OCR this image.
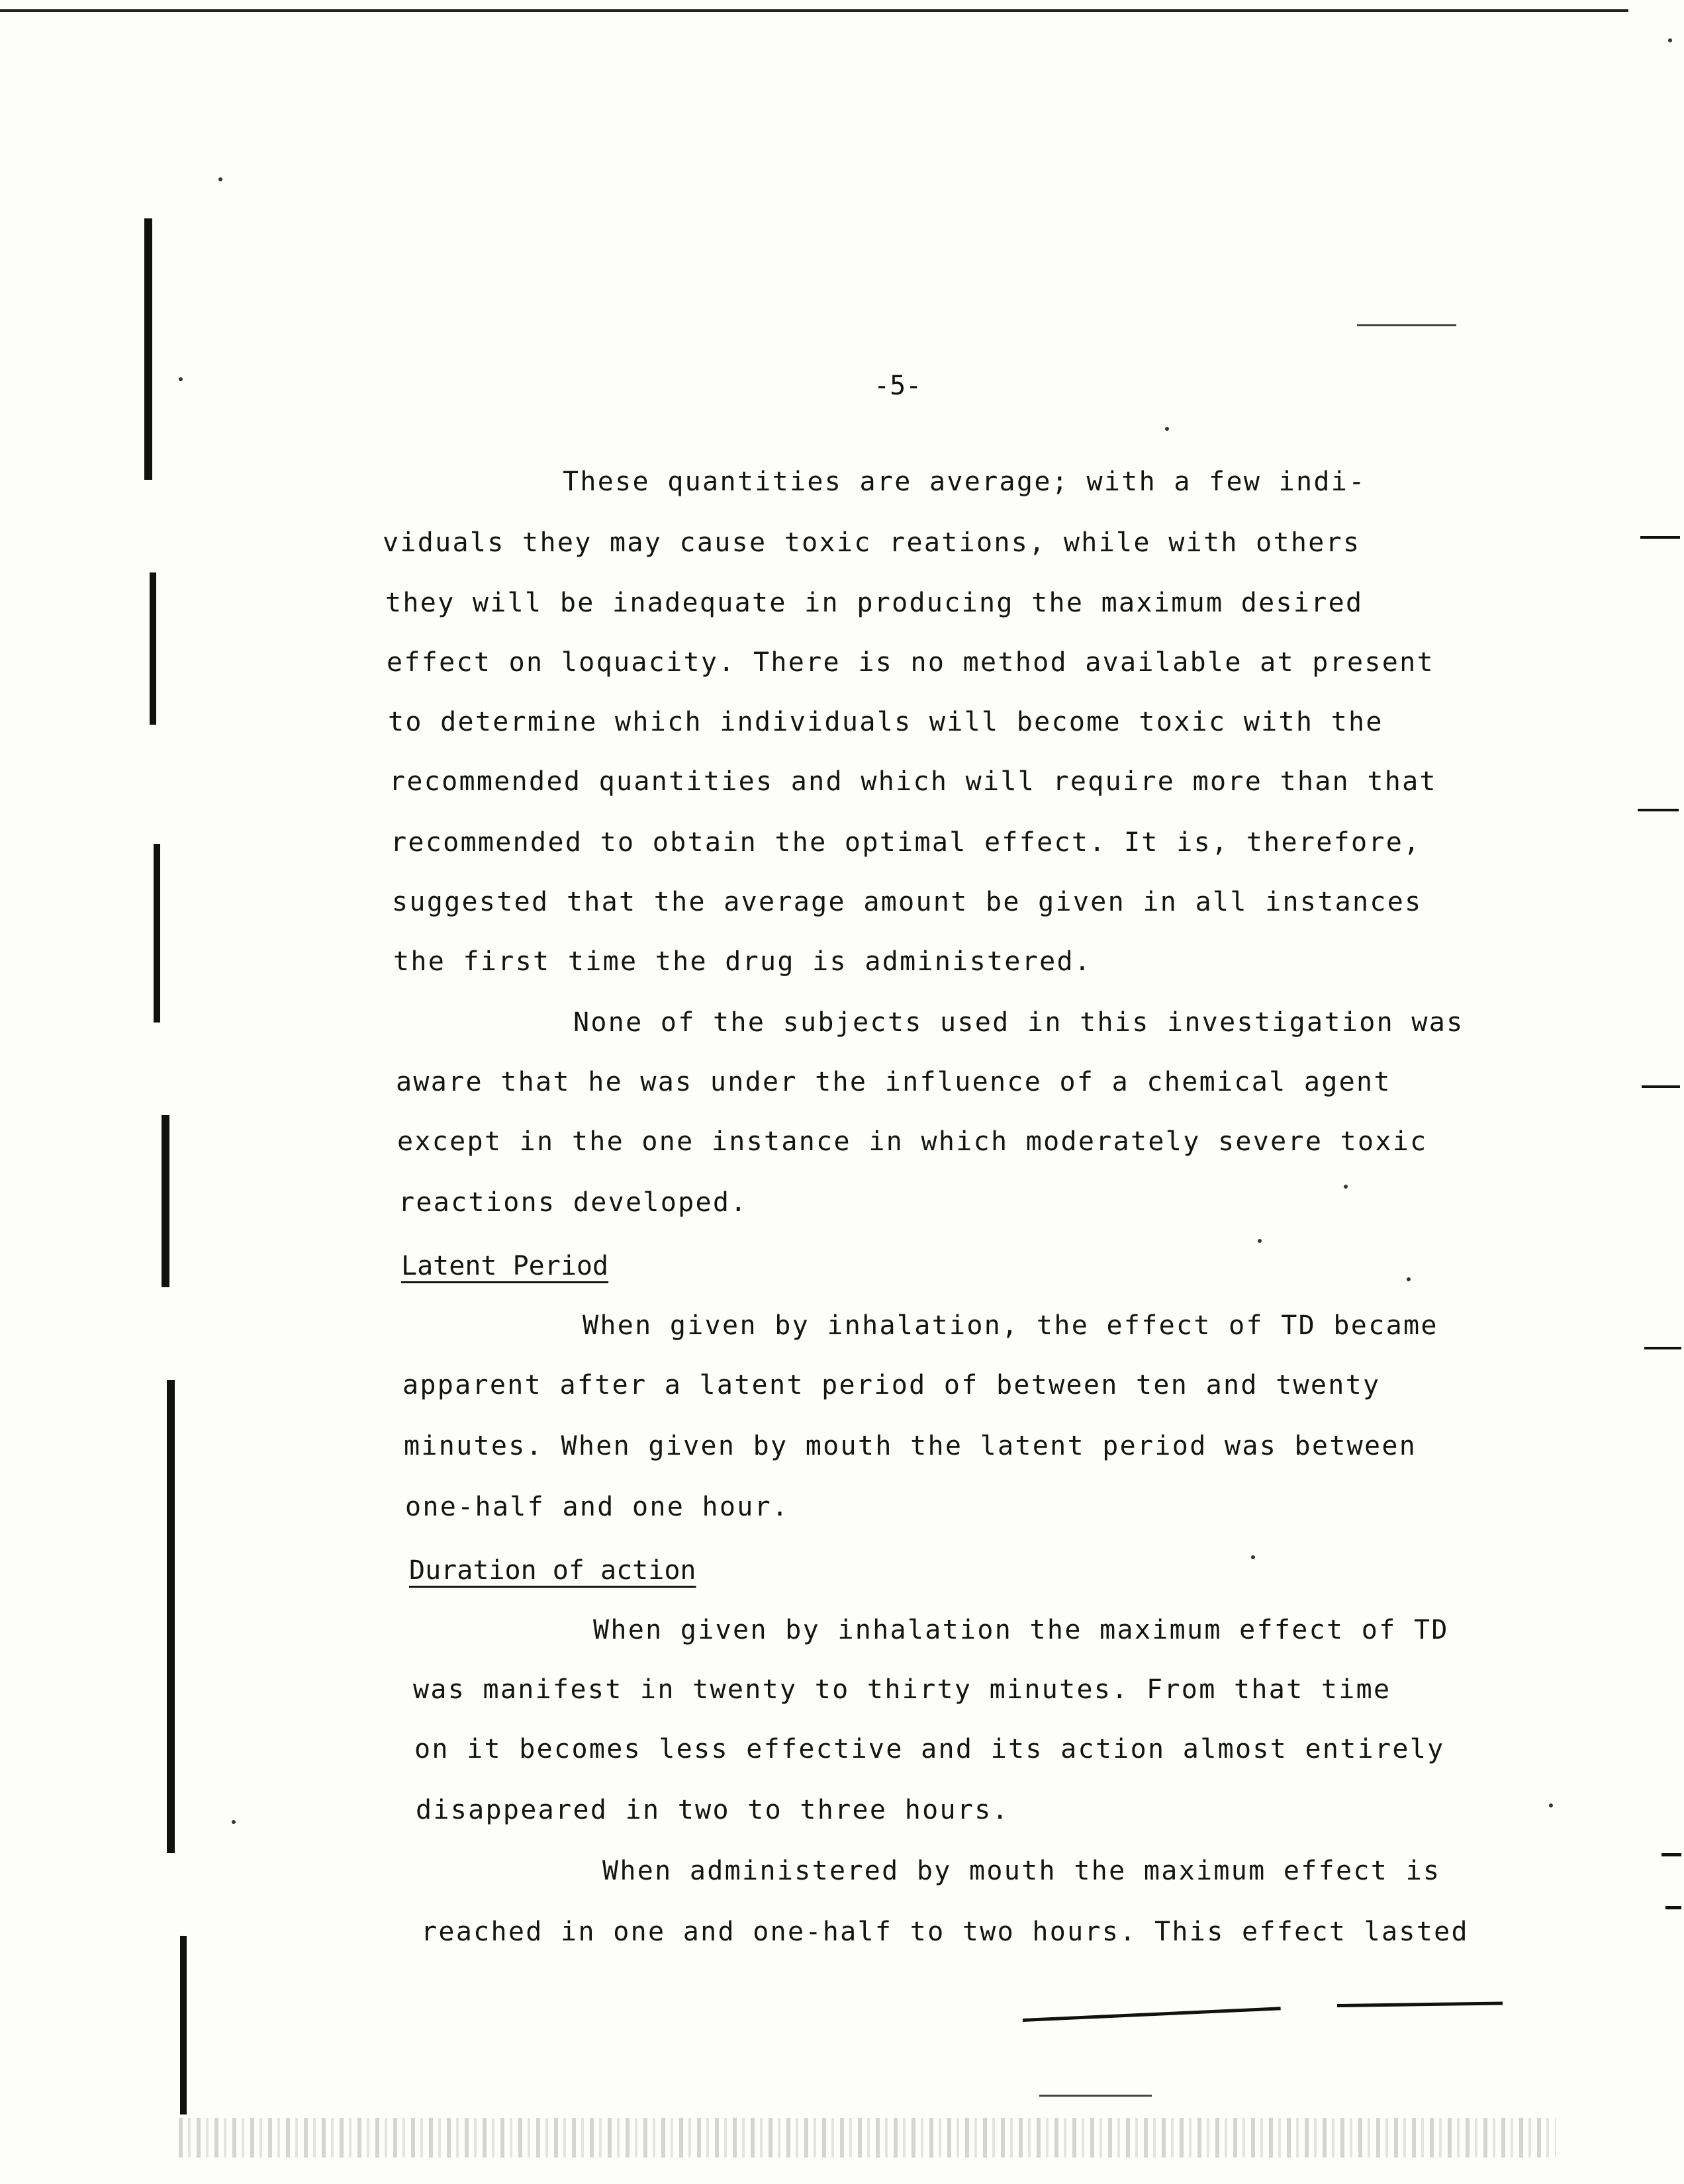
-5-
These quantities are average; with a few indi-
viduals they may cause toxic reations, while with others
they will be inadequate in producing the maximum desired
effect on loquacity. There is no method available at present
to determine which individuals will become toxic with the
recommended quantities and which will require more than that
recommended to obtain the optimal effect. It is, therefore,
suggested that the average amount be given in all instances
the first time the drug is administered.
None of the subjects used in this investigation was
aware that he was under the influence of a chemical agent
except in the one instance in which moderately severe toxic
reactions developed.
Latent Period
When given by inhalation, the effect of TD became
apparent after a latent period of between ten and twenty
minutes. When given by mouth the latent period was between
one-half and one hour.
Duration of action
When given by inhalation the maximum effect of TD
was manifest in twenty to thirty minutes. From that time
on it becomes less effective and its action almost entirely
disappeared in two to three hours.
When administered by mouth the maximum effect is
reached in one and one-half to two hours. This effect lasted
